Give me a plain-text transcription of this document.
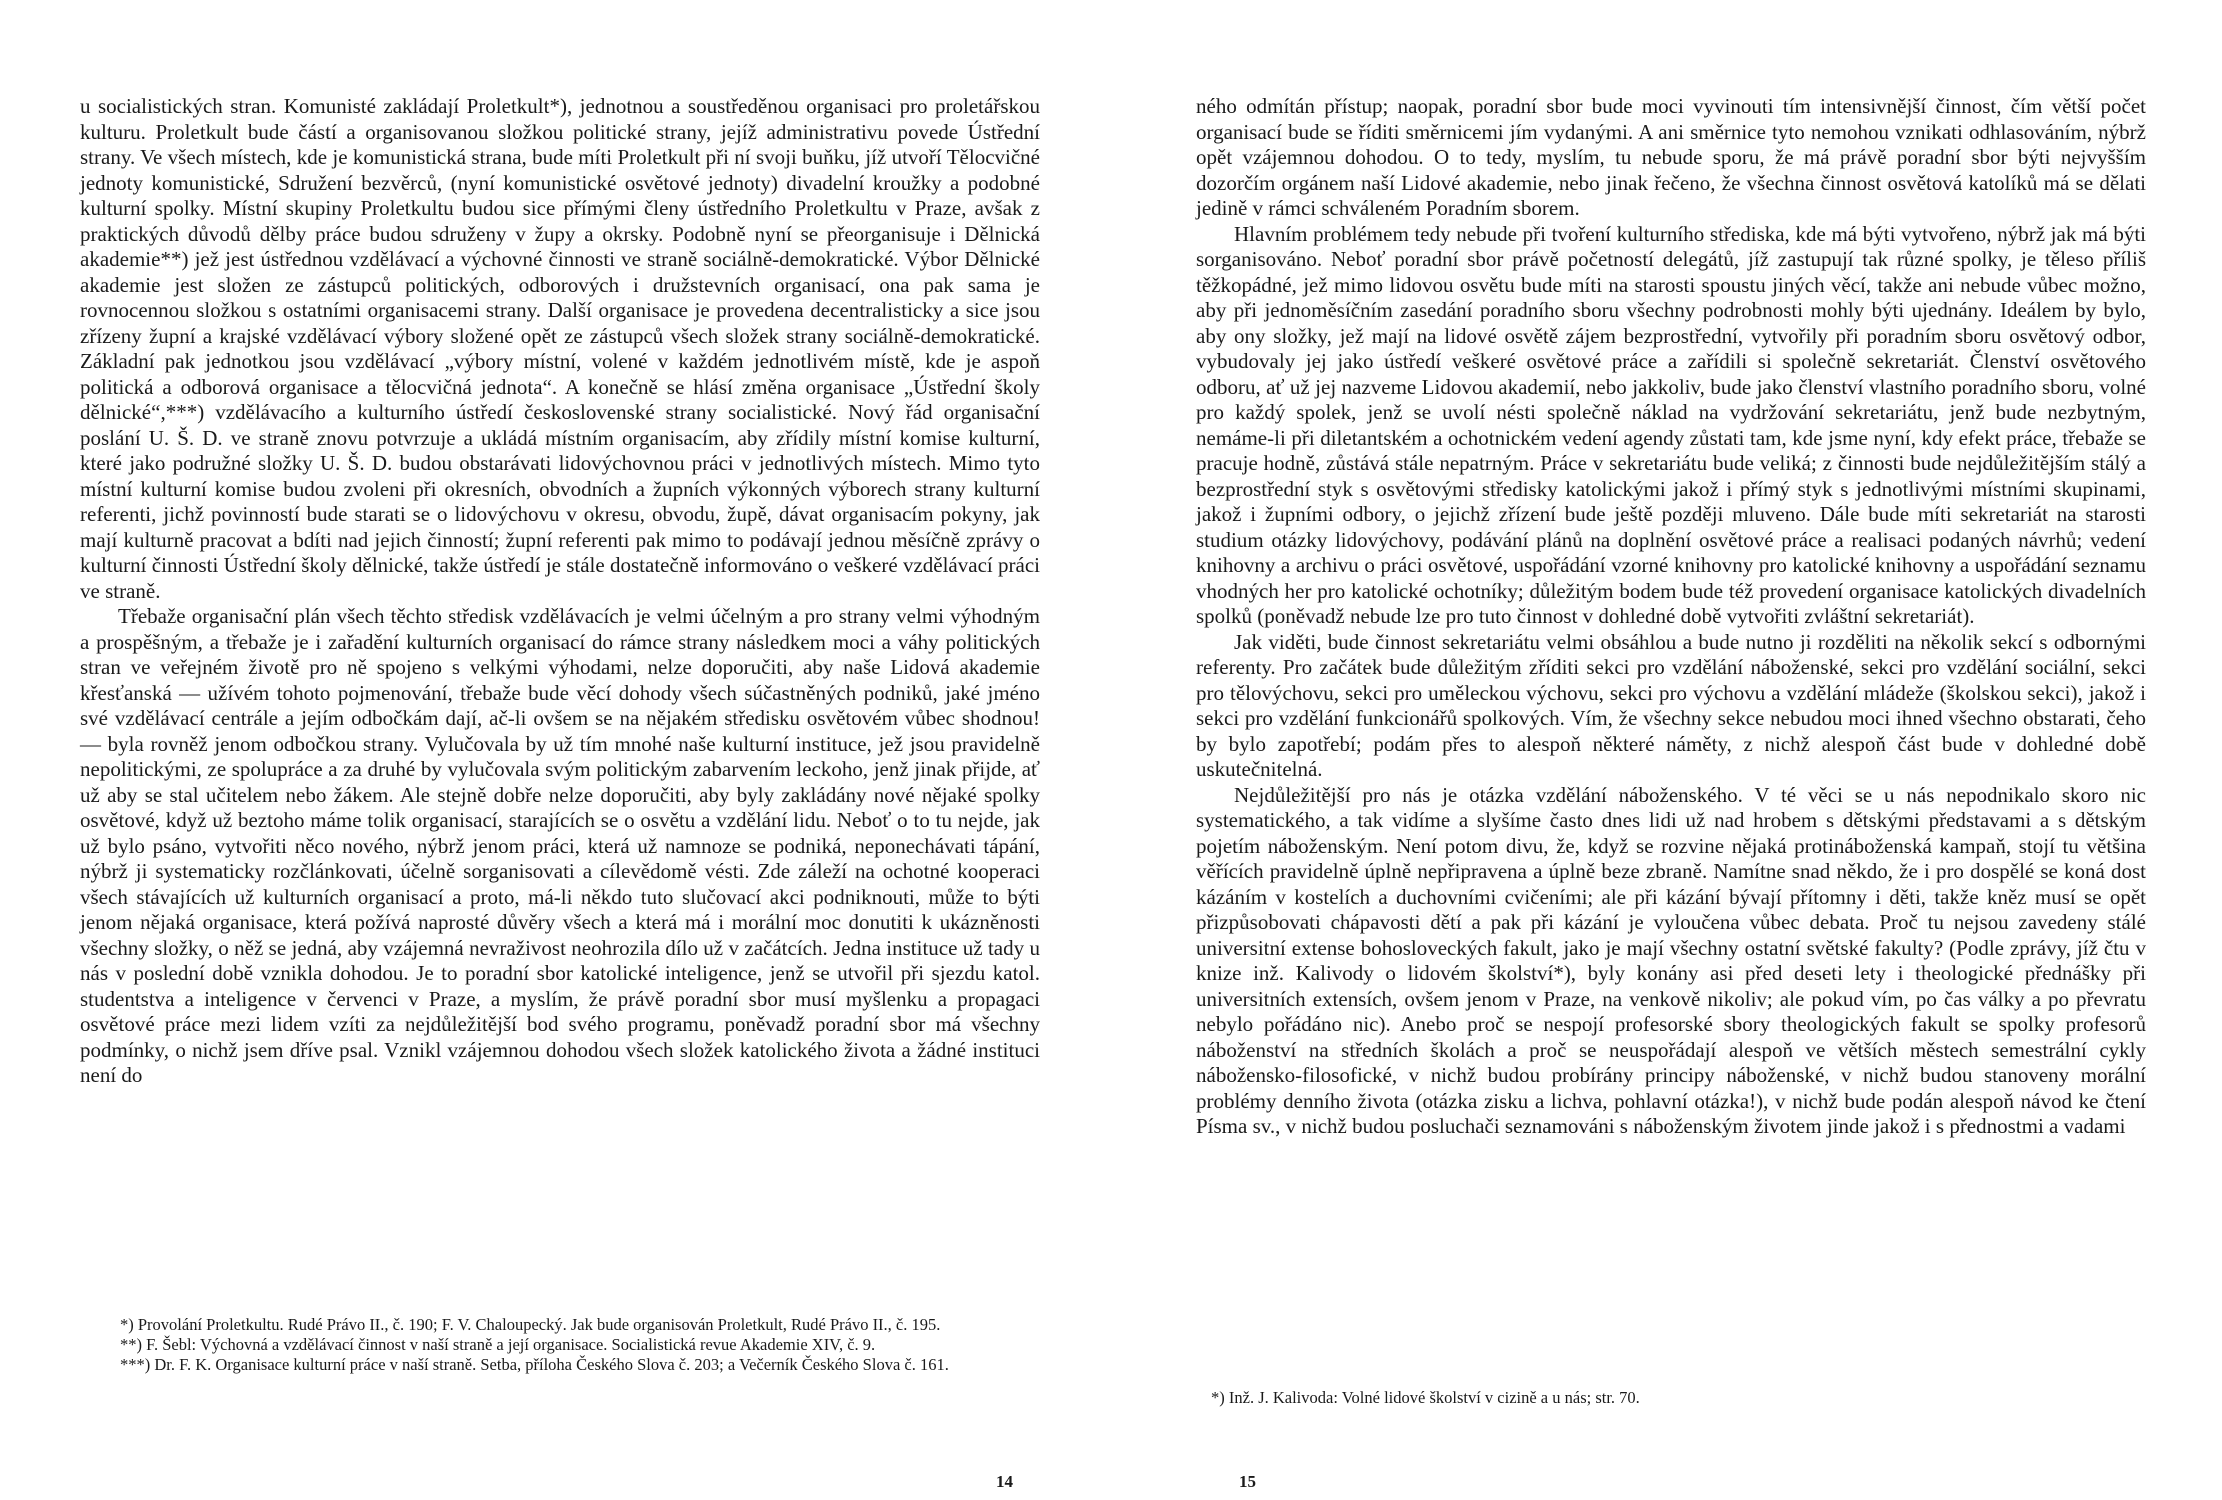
u socialistických stran. Komunisté zakládají Proletkult*), jednotnou a soustředěnou organisaci pro proletářskou kulturu. Proletkult bude částí a organisovanou složkou politické strany, jejíž administrativu povede Ústřední strany. Ve všech místech, kde je komunistická strana, bude míti Proletkult při ní svoji buňku, jíž utvoří Tělocvičné jednoty komunistické, Sdružení bezvěrců, (nyní komunistické osvětové jednoty) divadelní kroužky a podobné kulturní spolky. Místní skupiny Proletkultu budou sice přímými členy ústředního Proletkultu v Praze, avšak z praktických důvodů dělby práce budou sdruženy v župy a okrsky. Podobně nyní se přeorganisuje i Dělnická akademie**) jež jest ústřednou vzdělávací a výchovné činnosti ve straně sociálně-demokratické. Výbor Dělnické akademie jest složen ze zástupců politických, odborových i družstevních organisací, ona pak sama je rovnocennou složkou s ostatními organisacemi strany. Další organisace je provedena decentralisticky a sice jsou zřízeny župní a krajské vzdělávací výbory složené opět ze zástupců všech složek strany sociálně-demokratické. Základní pak jednotkou jsou vzdělávací „výbory místní, volené v každém jednotlivém místě, kde je aspoň politická a odborová organisace a tělocvičná jednota“. A konečně se hlásí změna organisace „Ústřední školy dělnické“,***) vzdělávacího a kulturního ústředí československé strany socialistické. Nový řád organisační poslání U. Š. D. ve straně znovu potvrzuje a ukládá místním organisacím, aby zřídily místní komise kulturní, které jako podružné složky U. Š. D. budou obstarávati lidovýchovnou práci v jednotlivých místech. Mimo tyto místní kulturní komise budou zvoleni při okresních, obvodních a župních výkonných výborech strany kulturní referenti, jichž povinností bude starati se o lidovýchovu v okresu, obvodu, župě, dávat organisacím pokyny, jak mají kulturně pracovat a bdíti nad jejich činností; župní referenti pak mimo to podávají jednou měsíčně zprávy o kulturní činnosti Ústřední školy dělnické, takže ústředí je stále dostatečně informováno o veškeré vzdělávací práci ve straně.

Třebaže organisační plán všech těchto středisk vzdělávacích je velmi účelným a pro strany velmi výhodným a prospěšným, a třebaže je i zařadění kulturních organisací do rámce strany následkem moci a váhy politických stran ve veřejném životě pro ně spojeno s velkými výhodami, nelze doporučiti, aby naše Lidová akademie křesťanská — užívém tohoto pojmenování, třebaže bude věcí dohody všech súčastněných podniků, jaké jméno své vzdělávací centrále a jejím odbočkám dají, ač-li ovšem se na nějakém středisku osvětovém vůbec shodnou! — byla rovněž jenom odbočkou strany. Vylučovala by už tím mnohé naše kulturní instituce, jež jsou pravidelně nepolitickými, ze spolupráce a za druhé by vylučovala svým politickým zabarvením leckoho, jenž jinak přijde, ať už aby se stal učitelem nebo žákem. Ale stejně dobře nelze doporučiti, aby byly zakládány nové nějaké spolky osvětové, když už beztoho máme tolik organisací, starajících se o osvětu a vzdělání lidu. Neboť o to tu nejde, jak už bylo psáno, vytvořiti něco nového, nýbrž jenom práci, která už namnoze se podniká, neponechávati tápání, nýbrž ji systematicky rozčlánkovati, účelně sorganisovati a cílevědomě vésti. Zde záleží na ochotné kooperaci všech stávajících už kulturních organisací a proto, má-li někdo tuto slučovací akci podniknouti, může to býti jenom nějaká organisace, která požívá naprosté důvěry všech a která má i morální moc donutiti k ukázněnosti všechny složky, o něž se jedná, aby vzájemná nevraživost neohrozila dílo už v začátcích. Jedna instituce už tady u nás v poslední době vznikla dohodou. Je to poradní sbor katolické inteligence, jenž se utvořil při sjezdu katol. studentstva a inteligence v červenci v Praze, a myslím, že právě poradní sbor musí myšlenku a propagaci osvětové práce mezi lidem vzíti za nejdůležitější bod svého programu, poněvadž poradní sbor má všechny podmínky, o nichž jsem dříve psal. Vznikl vzájemnou dohodou všech složek katolického života a žádné instituci není do

*) Provolání Proletkultu. Rudé Právo II., č. 190; F. V. Chaloupecký. Jak bude organisován Proletkult, Rudé Právo II., č. 195.

**) F. Šebl: Výchovná a vzdělávací činnost v naší straně a její organisace. Socialistická revue Akademie XIV, č. 9.

***) Dr. F. K. Organisace kulturní práce v naší straně. Setba, příloha Českého Slova č. 203; a Večerník Českého Slova č. 161.

14

ného odmítán přístup; naopak, poradní sbor bude moci vyvinouti tím intensivnější činnost, čím větší počet organisací bude se říditi směrnicemi jím vydanými. A ani směrnice tyto nemohou vznikati odhlasováním, nýbrž opět vzájemnou dohodou. O to tedy, myslím, tu nebude sporu, že má právě poradní sbor býti nejvyšším dozorčím orgánem naší Lidové akademie, nebo jinak řečeno, že všechna činnost osvětová katolíků má se dělati jedině v rámci schváleném Poradním sborem.

Hlavním problémem tedy nebude při tvoření kulturního střediska, kde má býti vytvořeno, nýbrž jak má býti sorganisováno. Neboť poradní sbor právě početností delegátů, jíž zastupují tak různé spolky, je těleso příliš těžkopádné, jež mimo lidovou osvětu bude míti na starosti spoustu jiných věcí, takže ani nebude vůbec možno, aby při jednoměsíčním zasedání poradního sboru všechny podrobnosti mohly býti ujednány. Ideálem by bylo, aby ony složky, jež mají na lidové osvětě zájem bezprostřední, vytvořily při poradním sboru osvětový odbor, vybudovaly jej jako ústředí veškeré osvětové práce a zařídili si společně sekretariát. Členství osvětového odboru, ať už jej nazveme Lidovou akademií, nebo jakkoliv, bude jako členství vlastního poradního sboru, volné pro každý spolek, jenž se uvolí nésti společně náklad na vydržování sekretariátu, jenž bude nezbytným, nemáme-li při diletantském a ochotnickém vedení agendy zůstati tam, kde jsme nyní, kdy efekt práce, třebaže se pracuje hodně, zůstává stále nepatrným. Práce v sekretariátu bude veliká; z činnosti bude nejdůležitějším stálý a bezprostřední styk s osvětovými středisky katolickými jakož i přímý styk s jednotlivými místními skupinami, jakož i župními odbory, o jejichž zřízení bude ještě později mluveno. Dále bude míti sekretariát na starosti studium otázky lidovýchovy, podávání plánů na doplnění osvětové práce a realisaci podaných návrhů; vedení knihovny a archivu o práci osvětové, uspořádání vzorné knihovny pro katolické knihovny a uspořádání seznamu vhodných her pro katolické ochotníky; důležitým bodem bude též provedení organisace katolických divadelních spolků (poněvadž nebude lze pro tuto činnost v dohledné době vytvořiti zvláštní sekretariát).

Jak viděti, bude činnost sekretariátu velmi obsáhlou a bude nutno ji rozděliti na několik sekcí s odbornými referenty. Pro začátek bude důležitým zříditi sekci pro vzdělání náboženské, sekci pro vzdělání sociální, sekci pro tělovýchovu, sekci pro uměleckou výchovu, sekci pro výchovu a vzdělání mládeže (školskou sekci), jakož i sekci pro vzdělání funkcionářů spolkových. Vím, že všechny sekce nebudou moci ihned všechno obstarati, čeho by bylo zapotřebí; podám přes to alespoň některé náměty, z nichž alespoň část bude v dohledné době uskutečnitelná.

Nejdůležitější pro nás je otázka vzdělání náboženského. V té věci se u nás nepodnikalo skoro nic systematického, a tak vidíme a slyšíme často dnes lidi už nad hrobem s dětskými představami a s dětským pojetím náboženským. Není potom divu, že, když se rozvine nějaká protináboženská kampaň, stojí tu většina věřících pravidelně úplně nepřipravena a úplně beze zbraně. Namítne snad někdo, že i pro dospělé se koná dost kázáním v kostelích a duchovními cvičeními; ale při kázání bývají přítomny i děti, takže kněz musí se opět přizpůsobovati chápavosti dětí a pak při kázání je vyloučena vůbec debata. Proč tu nejsou zavedeny stálé universitní extense bohosloveckých fakult, jako je mají všechny ostatní světské fakulty? (Podle zprávy, jíž čtu v knize inž. Kalivody o lidovém školství*), byly konány asi před deseti lety i theologické přednášky při universitních extensích, ovšem jenom v Praze, na venkově nikoliv; ale pokud vím, po čas války a po převratu nebylo pořádáno nic). Anebo proč se nespojí profesorské sbory theologických fakult se spolky profesorů náboženství na středních školách a proč se neuspořádají alespoň ve větších městech semestrální cykly nábožensko-filosofické, v nichž budou probírány principy náboženské, v nichž budou stanoveny morální problémy denního života (otázka zisku a lichva, pohlavní otázka!), v nichž bude podán alespoň návod ke čtení Písma sv., v nichž budou posluchači seznamováni s náboženským životem jinde jakož i s přednostmi a vadami

*) Inž. J. Kalivoda: Volné lidové školství v cizině a u nás; str. 70.

15
